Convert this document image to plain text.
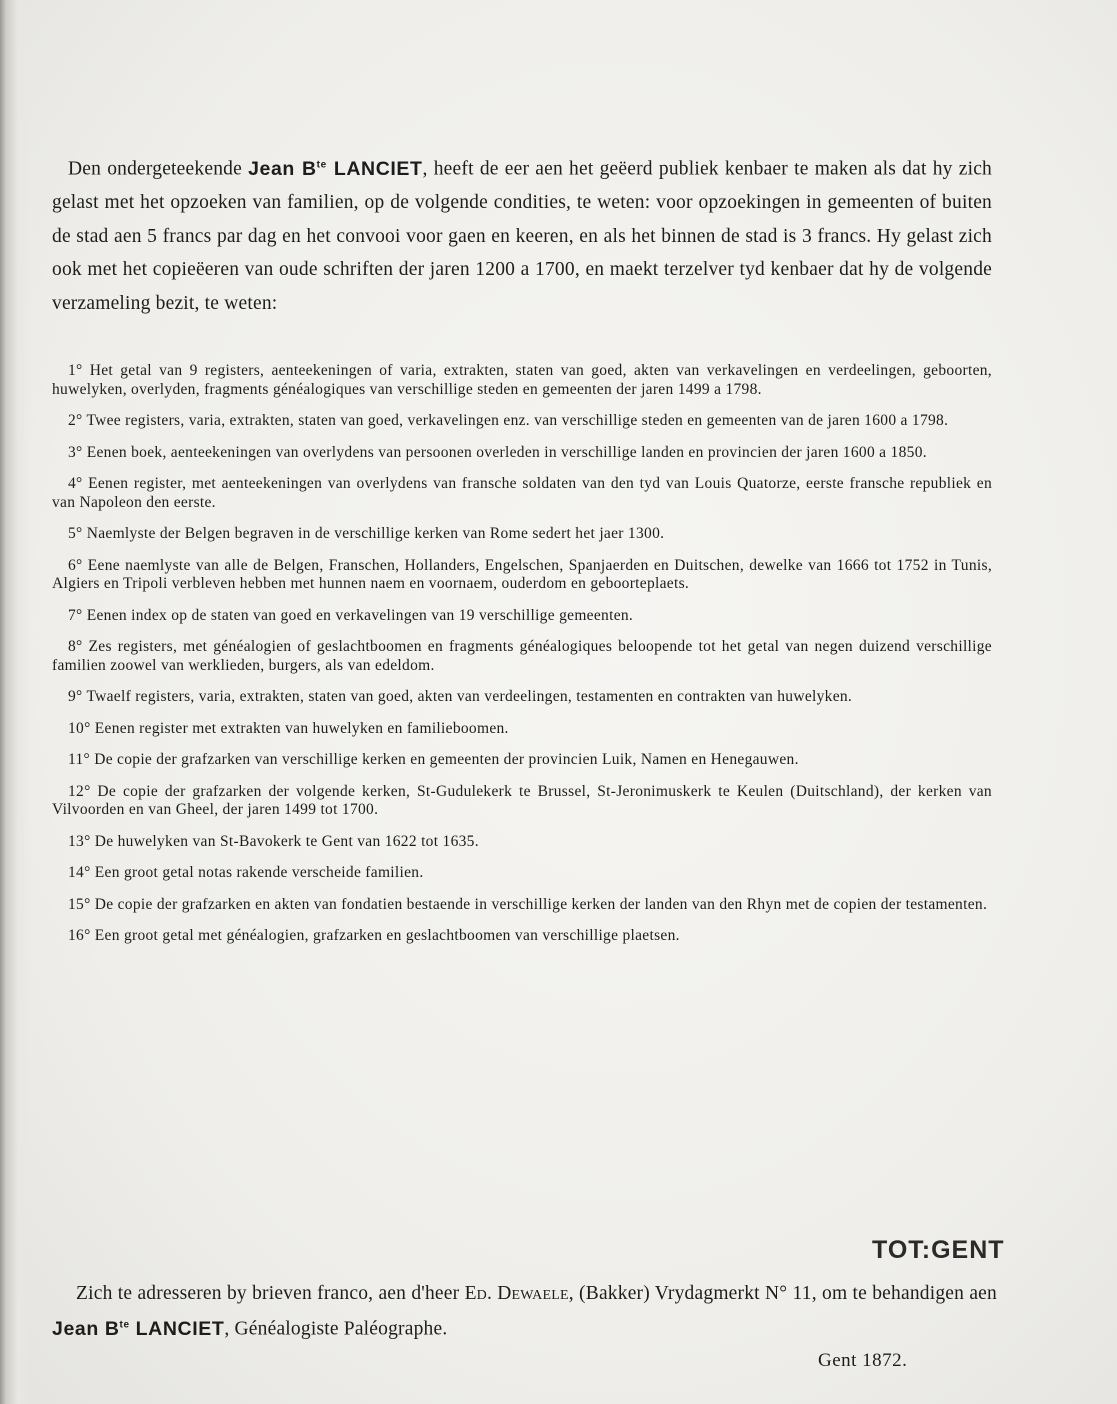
Den ondergeteekende Jean $B^{te}$ LANCIET, heeft de eer aen het geëerd publiek kenbaer te maken als dat hy zich gelast met het opzoeken van familien, op de volgende condities, te weten: voor opzoekingen in gemeenten of buiten de stad aen 5 francs par dag en het convooi voor gaen en keeren, en als het binnen de stad is 3 francs. Hy gelast zich ook met het copieëeren van oude schriften der jaren 1200 a 1700, en maekt terzelver tyd kenbaer dat hy de volgende verzameling bezit, te weten:
1° Het getal van 9 registers, aenteekeningen of varia, extrakten, staten van goed, akten van verkavelingen en verdeelingen, geboorten, huwelyken, overlyden, fragments généalogiques van verschillige steden en gemeenten der jaren 1499 a 1798.
2° Twee registers, varia, extrakten, staten van goed, verkavelingen enz. van verschillige steden en gemeenten van de jaren 1600 a 1798.
3° Eenen boek, aenteekeningen van overlydens van persoonen overleden in verschillige landen en provincien der jaren 1600 a 1850.
4° Eenen register, met aenteekeningen van overlydens van fransche soldaten van den tyd van Louis Quatorze, eerste fransche republiek en van Napoleon den eerste.
5° Naemlyste der Belgen begraven in de verschillige kerken van Rome sedert het jaer 1300.
6° Eene naemlyste van alle de Belgen, Franschen, Hollanders, Engelschen, Spanjaerden en Duitschen, dewelke van 1666 tot 1752 in Tunis, Algiers en Tripoli verbleven hebben met hunnen naem en voornaem, ouderdom en geboorteplaets.
7° Eenen index op de staten van goed en verkavelingen van 19 verschillige gemeenten.
8° Zes registers, met généalogien of geslachtboomen en fragments généalogiques beloopende tot het getal van negen duizend verschillige familien zoowel van werklieden, burgers, als van edeldom.
9° Twaelf registers, varia, extrakten, staten van goed, akten van verdeelingen, testamenten en contrakten van huwelyken.
10° Eenen register met extrakten van huwelyken en familieboomen.
11° De copie der grafzarken van verschillige kerken en gemeenten der provincien Luik, Namen en Henegauwen.
12° De copie der grafzarken der volgende kerken, St-Gudulekerk te Brussel, St-Jeronimuskerk te Keulen (Duitschland), der kerken van Vilvoorden en van Gheel, der jaren 1499 tot 1700.
13° De huwelyken van St-Bavokerk te Gent van 1622 tot 1635.
14° Een groot getal notas rakende verscheide familien.
15° De copie der grafzarken en akten van fondatien bestaende in verschillige kerken der landen van den Rhyn met de copien der testamenten.
16° Een groot getal met généalogien, grafzarken en geslachtboomen van verschillige plaetsen.
TOT:GENT
Zich te adresseren by brieven franco, aen d'heer Ed. Dewaele, (Bakker) Vrydagmerkt N° 11, om te behandigen aen Jean $B^{te}$ LANCIET, Généalogiste Paléographe.
Gent 1872.
